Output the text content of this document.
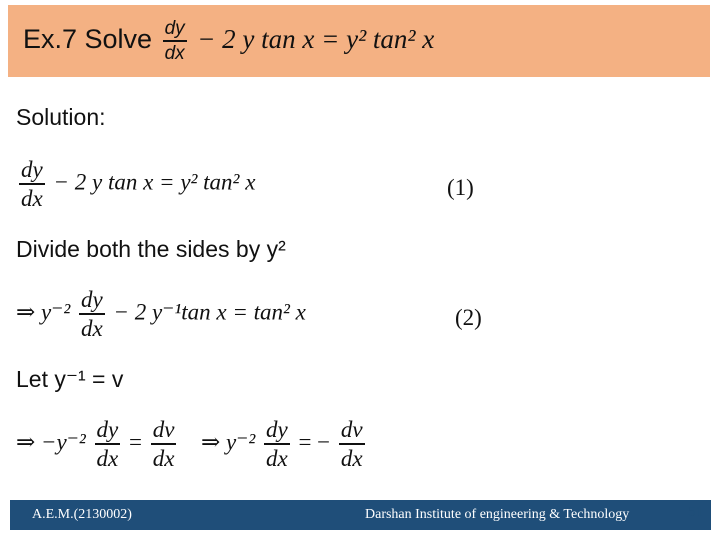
Ex.7 Solve $\frac{dy}{dx} - 2$ y tan x = y² tan² x
Solution:
$\frac{dy}{dx} - 2$ y tan x = y² tan² x	(1)
Divide both the sides by y²
⇒ $y^{-2} \frac{dy}{dx} - 2$ y⁻¹tan x = tan² x	(2)
Let y⁻¹ = v
⇒ $-y^{-2} \frac{dy}{dx} = \frac{dv}{dx}$ ⇒ $y^{-2} \frac{dy}{dx}$ = − $\frac{dv}{dx}$
A.E.M.(2130002)	Darshan Institute of engineering & Technology	51
